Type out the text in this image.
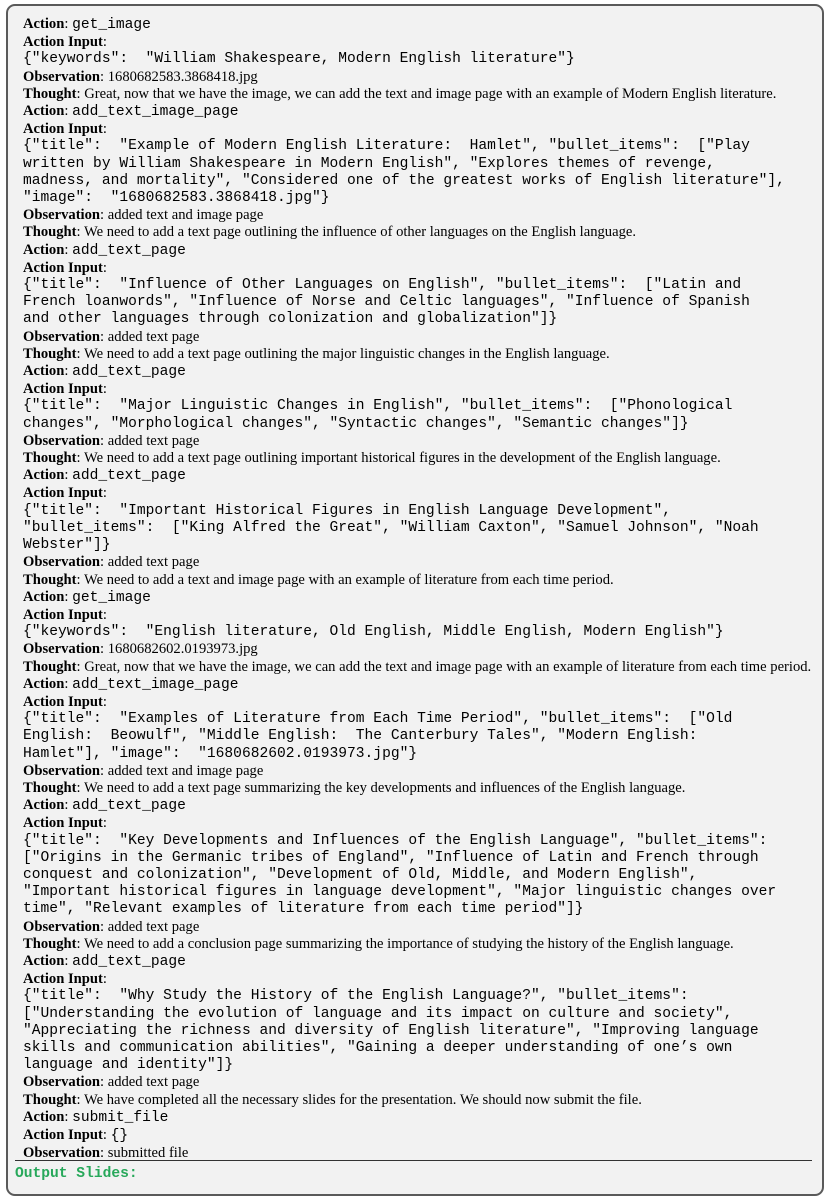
Action: get_image
Action Input:
{"keywords":  "William Shakespeare, Modern English literature"}
Observation: 1680682583.3868418.jpg
Thought: Great, now that we have the image, we can add the text and image page with an example of Modern English literature.
Action: add_text_image_page
Action Input:
{"title":  "Example of Modern English Literature:  Hamlet", "bullet_items":  ["Play
written by William Shakespeare in Modern English", "Explores themes of revenge,
madness, and mortality", "Considered one of the greatest works of English literature"],
"image":  "1680682583.3868418.jpg"}
Observation: added text and image page
Thought: We need to add a text page outlining the influence of other languages on the English language.
Action: add_text_page
Action Input:
{"title":  "Influence of Other Languages on English", "bullet_items":  ["Latin and
French loanwords", "Influence of Norse and Celtic languages", "Influence of Spanish
and other languages through colonization and globalization"]}
Observation: added text page
Thought: We need to add a text page outlining the major linguistic changes in the English language.
Action: add_text_page
Action Input:
{"title":  "Major Linguistic Changes in English", "bullet_items":  ["Phonological
changes", "Morphological changes", "Syntactic changes", "Semantic changes"]}
Observation: added text page
Thought: We need to add a text page outlining important historical figures in the development of the English language.
Action: add_text_page
Action Input:
{"title":  "Important Historical Figures in English Language Development",
"bullet_items":  ["King Alfred the Great", "William Caxton", "Samuel Johnson", "Noah
Webster"]}
Observation: added text page
Thought: We need to add a text and image page with an example of literature from each time period.
Action: get_image
Action Input:
{"keywords":  "English literature, Old English, Middle English, Modern English"}
Observation: 1680682602.0193973.jpg
Thought: Great, now that we have the image, we can add the text and image page with an example of literature from each time period.
Action: add_text_image_page
Action Input:
{"title":  "Examples of Literature from Each Time Period", "bullet_items":  ["Old
English:  Beowulf", "Middle English:  The Canterbury Tales", "Modern English:
Hamlet"], "image":  "1680682602.0193973.jpg"}
Observation: added text and image page
Thought: We need to add a text page summarizing the key developments and influences of the English language.
Action: add_text_page
Action Input:
{"title":  "Key Developments and Influences of the English Language", "bullet_items":
["Origins in the Germanic tribes of England", "Influence of Latin and French through
conquest and colonization", "Development of Old, Middle, and Modern English",
"Important historical figures in language development", "Major linguistic changes over
time", "Relevant examples of literature from each time period"]}
Observation: added text page
Thought: We need to add a conclusion page summarizing the importance of studying the history of the English language.
Action: add_text_page
Action Input:
{"title":  "Why Study the History of the English Language?", "bullet_items":
["Understanding the evolution of language and its impact on culture and society",
"Appreciating the richness and diversity of English literature", "Improving language
skills and communication abilities", "Gaining a deeper understanding of one’s own
language and identity"]}
Observation: added text page
Thought: We have completed all the necessary slides for the presentation. We should now submit the file.
Action: submit_file
Action Input: {}
Observation: submitted file
Output Slides:
